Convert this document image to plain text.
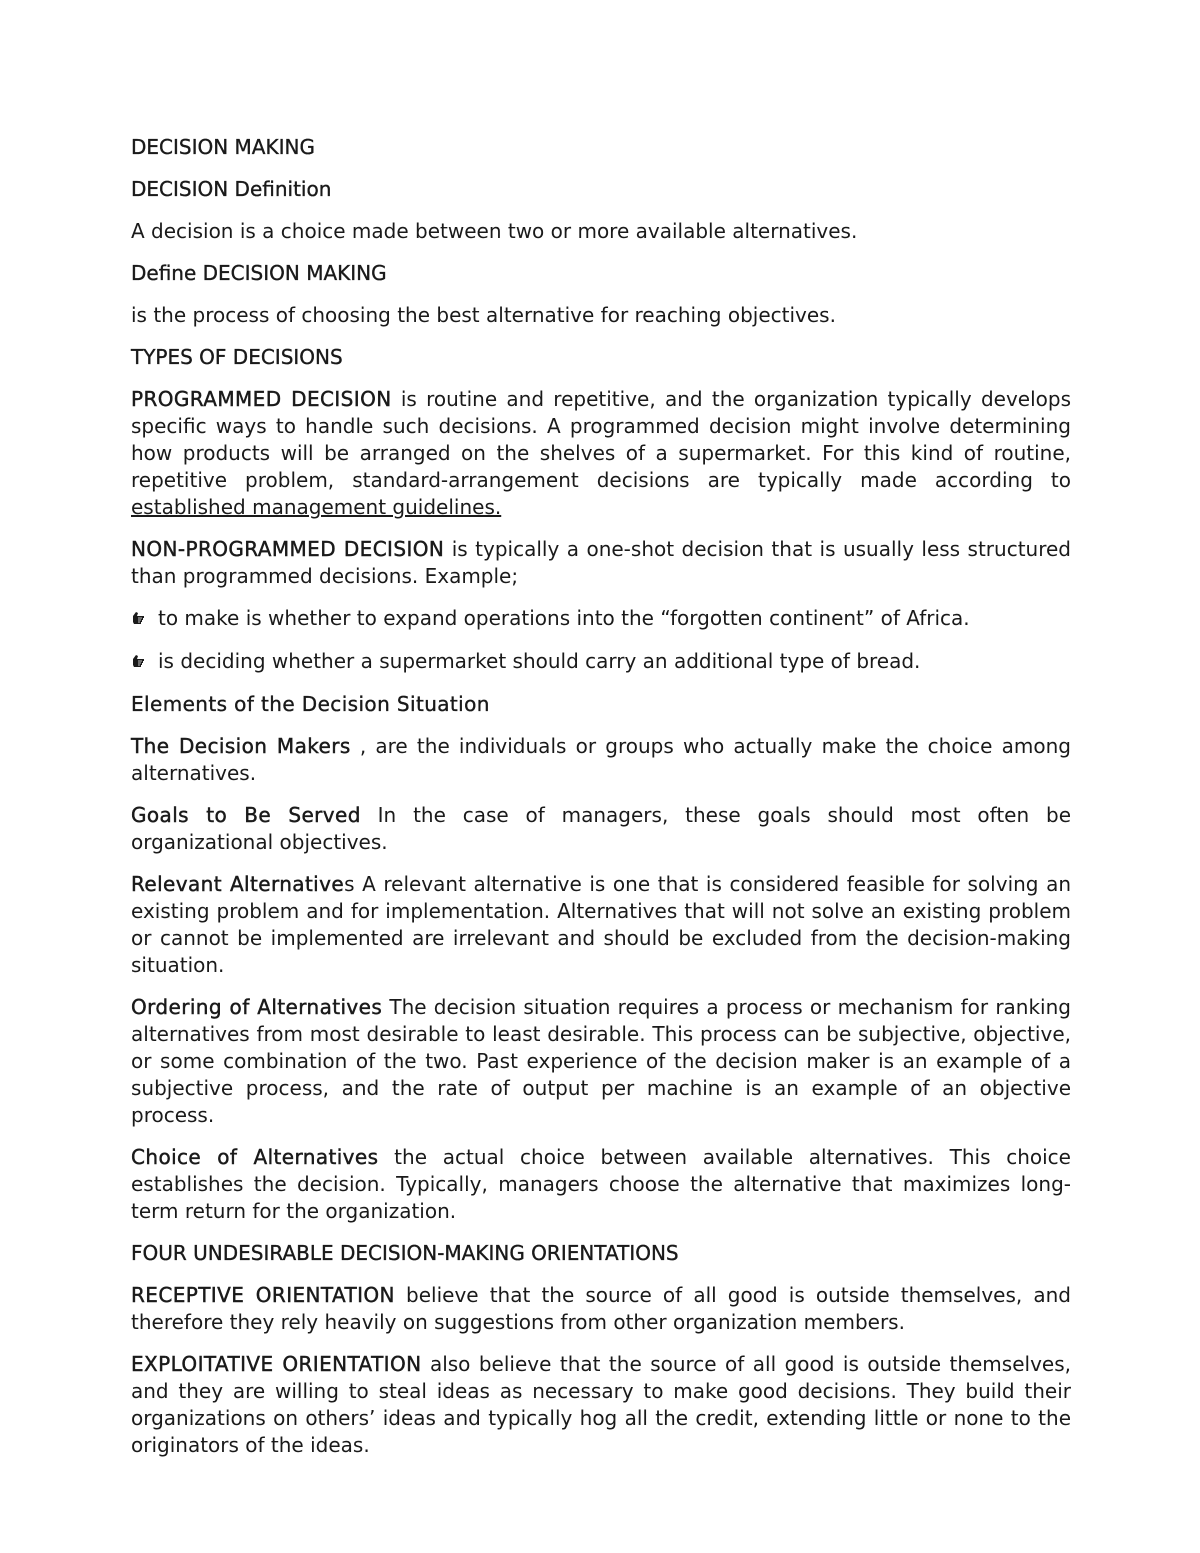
DECISION MAKING

DECISION Definition

A decision is a choice made between two or more available alternatives.

Define DECISION MAKING

is the process of choosing the best alternative for reaching objectives.

TYPES OF DECISIONS

PROGRAMMED DECISION is routine and repetitive, and the organization typically develops specific ways to handle such decisions. A programmed decision might involve determining how products will be arranged on the shelves of a supermarket. For this kind of routine, repetitive problem, standard-arrangement decisions are typically made according to established management guidelines.

NON-PROGRAMMED DECISION is typically a one-shot decision that is usually less structured than programmed decisions. Example;

to make is whether to expand operations into the “forgotten continent” of Africa.
is deciding whether a supermarket should carry an additional type of bread.

Elements of the Decision Situation

The Decision Makers , are the individuals or groups who actually make the choice among alternatives.

Goals to Be Served In the case of managers, these goals should most often be organizational objectives.

Relevant Alternatives A relevant alternative is one that is considered feasible for solving an existing problem and for implementation. Alternatives that will not solve an existing problem or cannot be implemented are irrelevant and should be excluded from the decision-making situation.

Ordering of Alternatives The decision situation requires a process or mechanism for ranking alternatives from most desirable to least desirable. This process can be subjective, objective, or some combination of the two. Past experience of the decision maker is an example of a subjective process, and the rate of output per machine is an example of an objective process.

Choice of Alternatives the actual choice between available alternatives. This choice establishes the decision. Typically, managers choose the alternative that maximizes long-term return for the organization.

FOUR UNDESIRABLE DECISION-MAKING ORIENTATIONS

RECEPTIVE ORIENTATION believe that the source of all good is outside themselves, and therefore they rely heavily on suggestions from other organization members.

EXPLOITATIVE ORIENTATION also believe that the source of all good is outside themselves, and they are willing to steal ideas as necessary to make good decisions. They build their organizations on others’ ideas and typically hog all the credit, extending little or none to the originators of the ideas.
